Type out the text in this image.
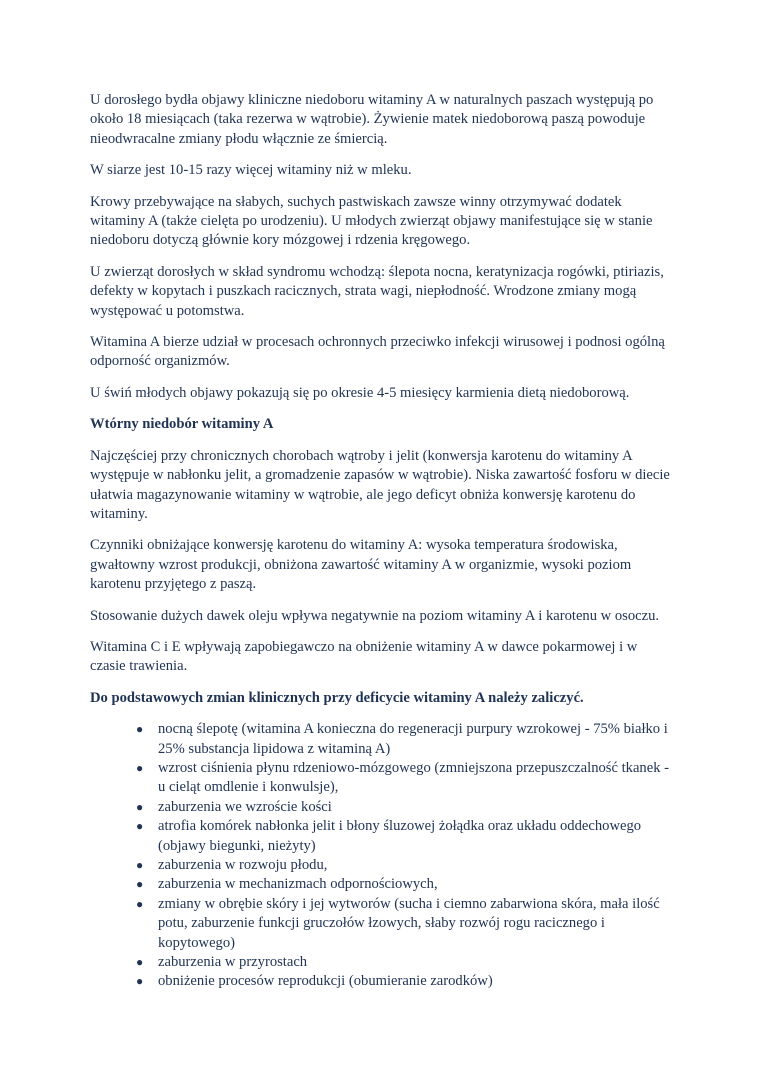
U dorosłego bydła objawy kliniczne niedoboru witaminy A w naturalnych paszach występują po około 18 miesiącach (taka rezerwa w wątrobie). Żywienie matek niedoborową paszą powoduje nieodwracalne zmiany płodu włącznie ze śmiercią.

W siarze jest 10-15 razy więcej witaminy niż w mleku.

Krowy przebywające na słabych, suchych pastwiskach zawsze winny otrzymywać dodatek witaminy A (także cielęta po urodzeniu). U młodych zwierząt objawy manifestujące się w stanie niedoboru dotyczą głównie kory mózgowej i rdzenia kręgowego.

U zwierząt dorosłych w skład syndromu wchodzą: ślepota nocna, keratynizacja rogówki, ptiriazis, defekty w kopytach i puszkach racicznych, strata wagi, niepłodność. Wrodzone zmiany mogą występować u potomstwa.

Witamina A bierze udział w procesach ochronnych przeciwko infekcji wirusowej i podnosi ogólną odporność organizmów.

U świń młodych objawy pokazują się po okresie 4-5 miesięcy karmienia dietą niedoborową.

Wtórny niedobór witaminy A

Najczęściej przy chronicznych chorobach wątroby i jelit (konwersja karotenu do witaminy A występuje w nabłonku jelit, a gromadzenie zapasów w wątrobie). Niska zawartość fosforu w diecie ułatwia magazynowanie witaminy w wątrobie, ale jego deficyt obniża konwersję karotenu do witaminy.

Czynniki obniżające konwersję karotenu do witaminy A: wysoka temperatura środowiska, gwałtowny wzrost produkcji, obniżona zawartość witaminy A w organizmie, wysoki poziom karotenu przyjętego z paszą.

Stosowanie dużych dawek oleju wpływa negatywnie na poziom witaminy A i karotenu w osoczu.

Witamina C i E wpływają zapobiegawczo na obniżenie witaminy A w dawce pokarmowej i w czasie trawienia.

Do podstawowych zmian klinicznych przy deficycie witaminy A należy zaliczyć.

● nocną ślepotę (witamina A konieczna do regeneracji purpury wzrokowej - 75% białko i 25% substancja lipidowa z witaminą A)
● wzrost ciśnienia płynu rdzeniowo-mózgowego (zmniejszona przepuszczalność tkanek - u cieląt omdlenie i konwulsje),
● zaburzenia we wzroście kości
● atrofia komórek nabłonka jelit i błony śluzowej żołądka oraz układu oddechowego (objawy biegunki, nieżyty)
● zaburzenia w rozwoju płodu,
● zaburzenia w mechanizmach odpornościowych,
● zmiany w obrębie skóry i jej wytworów (sucha i ciemno zabarwiona skóra, mała ilość potu, zaburzenie funkcji gruczołów łzowych, słaby rozwój rogu racicznego i kopytowego)
● zaburzenia w przyrostach
● obniżenie procesów reprodukcji (obumieranie zarodków)
